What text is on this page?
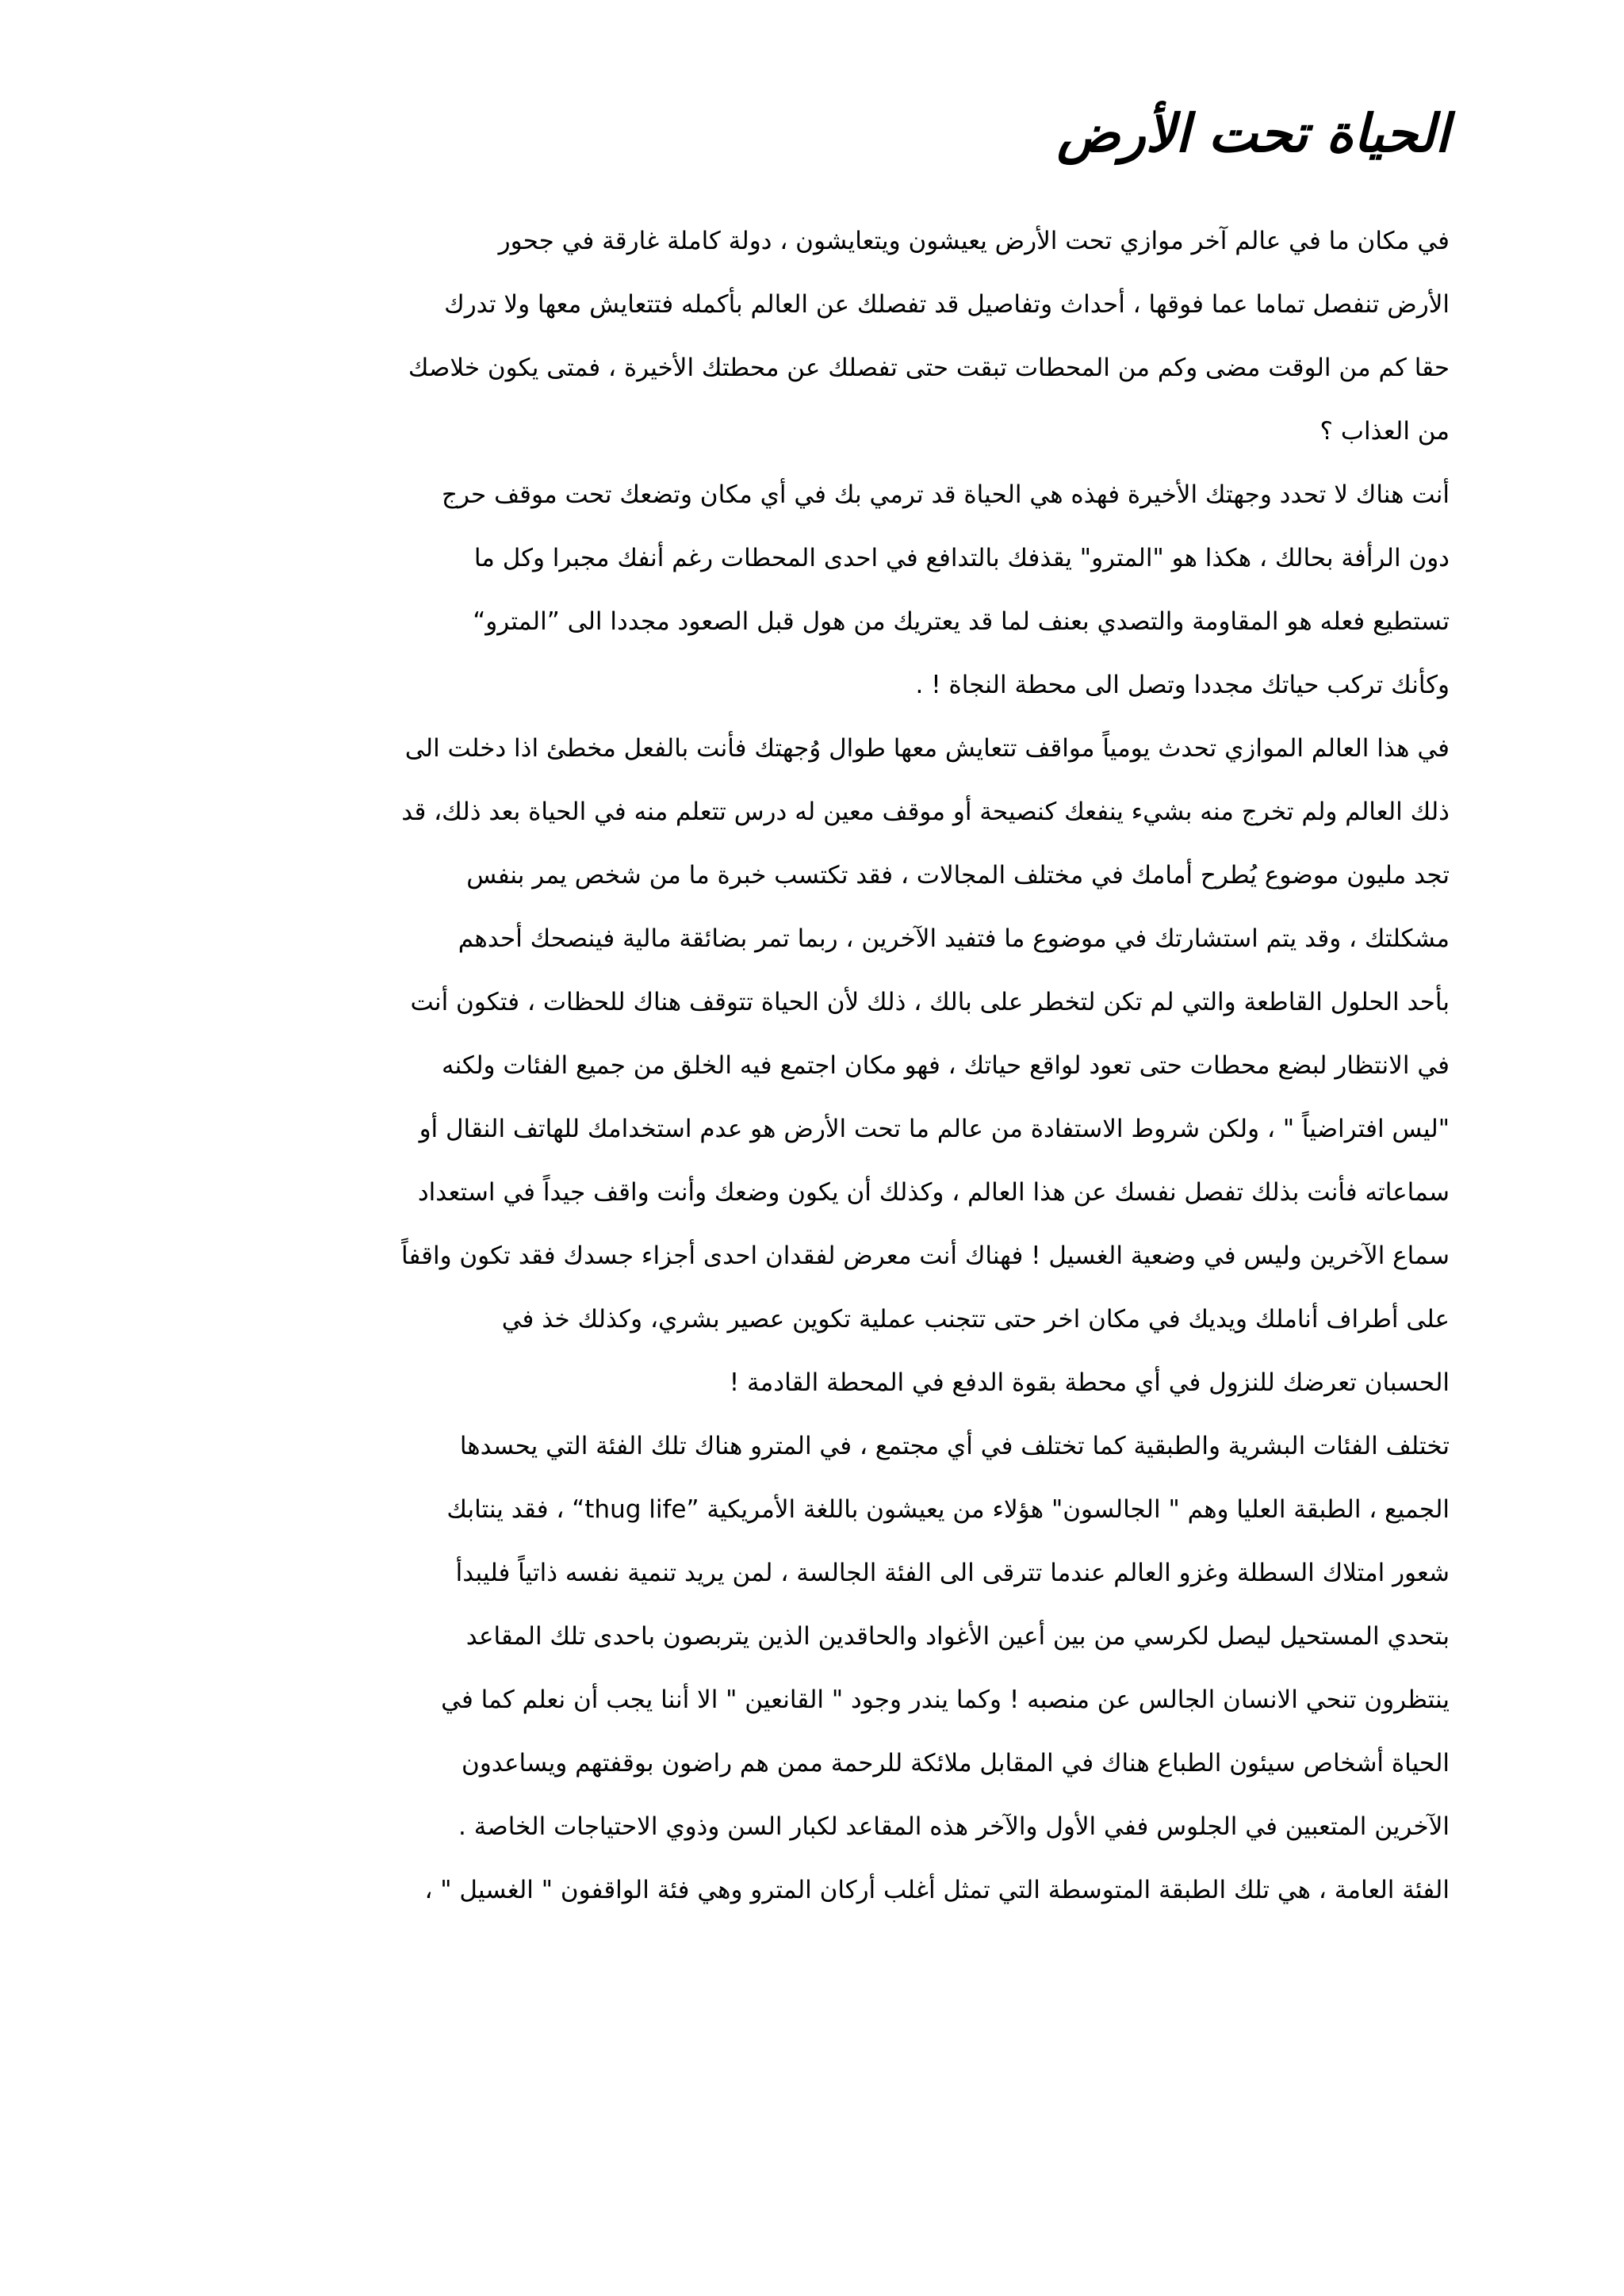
الحياة تحت الأرض
في مكان ما في عالم آخر موازي تحت الأرض يعيشون ويتعايشون ، دولة كاملة غارقة في جحور
الأرض تنفصل تماما عما فوقها ، أحداث وتفاصيل قد تفصلك عن العالم بأكمله فتتعايش معها ولا تدرك
حقا كم من الوقت مضى وكم من المحطات تبقت حتى تفصلك عن محطتك الأخيرة ، فمتى يكون خلاصك
من العذاب ؟
أنت هناك لا تحدد وجهتك الأخيرة فهذه هي الحياة قد ترمي بك في أي مكان وتضعك تحت موقف حرج
دون الرأفة بحالك ، هكذا هو "المترو" يقذفك بالتدافع في احدى المحطات رغم أنفك مجبرا وكل ما
تستطيع فعله هو المقاومة والتصدي بعنف لما قد يعتريك من هول قبل الصعود مجددا الى ”المترو“
وكأنك تركب حياتك مجددا وتصل الى محطة النجاة ! .
في هذا العالم الموازي تحدث يومياً مواقف تتعايش معها طوال وُجهتك فأنت بالفعل مخطئ اذا دخلت الى
ذلك العالم ولم تخرج منه بشيء ينفعك كنصيحة أو موقف معين له درس تتعلم منه في الحياة بعد ذلك، قد
تجد مليون موضوع يُطرح أمامك في مختلف المجالات ، فقد تكتسب خبرة ما من شخص يمر بنفس
مشكلتك ، وقد يتم استشارتك في موضوع ما فتفيد الآخرين ، ربما تمر بضائقة مالية فينصحك أحدهم
بأحد الحلول القاطعة والتي لم تكن لتخطر على بالك ، ذلك لأن الحياة تتوقف هناك للحظات ، فتكون أنت
في الانتظار لبضع محطات حتى تعود لواقع حياتك ، فهو مكان اجتمع فيه الخلق من جميع الفئات ولكنه
"ليس افتراضياً " ، ولكن شروط الاستفادة من عالم ما تحت الأرض هو عدم استخدامك للهاتف النقال أو
سماعاته فأنت بذلك تفصل نفسك عن هذا العالم ، وكذلك أن يكون وضعك وأنت واقف جيداً في استعداد
سماع الآخرين وليس في وضعية الغسيل ! فهناك أنت معرض لفقدان احدى أجزاء جسدك فقد تكون واقفاً
على أطراف أناملك ويديك في مكان اخر حتى تتجنب عملية تكوين عصير بشري، وكذلك خذ في
الحسبان تعرضك للنزول في أي محطة بقوة الدفع في المحطة القادمة !
تختلف الفئات البشرية والطبقية كما تختلف في أي مجتمع ، في المترو هناك تلك الفئة التي يحسدها
الجميع ، الطبقة العليا وهم " الجالسون" هؤلاء من يعيشون باللغة الأمريكية ”thug life“ ، فقد ينتابك
شعور امتلاك السطلة وغزو العالم عندما تترقى الى الفئة الجالسة ، لمن يريد تنمية نفسه ذاتياً فليبدأ
بتحدي المستحيل ليصل لكرسي من بين أعين الأغواد والحاقدين الذين يتربصون باحدى تلك المقاعد
ينتظرون تنحي الانسان الجالس عن منصبه ! وكما يندر وجود " القانعين " الا أننا يجب أن نعلم كما في
الحياة أشخاص سيئون الطباع هناك في المقابل ملائكة للرحمة ممن هم راضون بوقفتهم ويساعدون
الآخرين المتعبين في الجلوس ففي الأول والآخر هذه المقاعد لكبار السن وذوي الاحتياجات الخاصة .
الفئة العامة ، هي تلك الطبقة المتوسطة التي تمثل أغلب أركان المترو وهي فئة الواقفون " الغسيل " ،
